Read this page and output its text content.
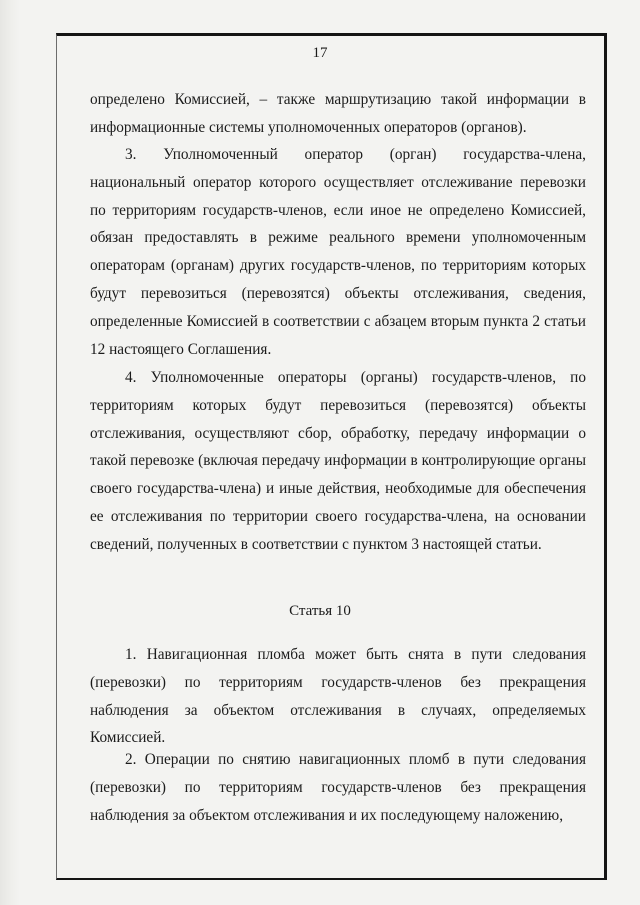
17

определено Комиссией, – также маршрутизацию такой информации в информационные системы уполномоченных операторов (органов).

3. Уполномоченный оператор (орган) государства-члена, национальный оператор которого осуществляет отслеживание перевозки по территориям государств-членов, если иное не определено Комиссией, обязан предоставлять в режиме реального времени уполномоченным операторам (органам) других государств-членов, по территориям которых будут перевозиться (перевозятся) объекты отслеживания, сведения, определенные Комиссией в соответствии с абзацем вторым пункта 2 статьи 12 настоящего Соглашения.

4. Уполномоченные операторы (органы) государств-членов, по территориям которых будут перевозиться (перевозятся) объекты отслеживания, осуществляют сбор, обработку, передачу информации о такой перевозке (включая передачу информации в контролирующие органы своего государства-члена) и иные действия, необходимые для обеспечения ее отслеживания по территории своего государства-члена, на основании сведений, полученных в соответствии с пунктом 3 настоящей статьи.

Статья 10

1. Навигационная пломба может быть снята в пути следования (перевозки) по территориям государств-членов без прекращения наблюдения за объектом отслеживания в случаях, определяемых Комиссией.

2. Операции по снятию навигационных пломб в пути следования (перевозки) по территориям государств-членов без прекращения наблюдения за объектом отслеживания и их последующему наложению,
